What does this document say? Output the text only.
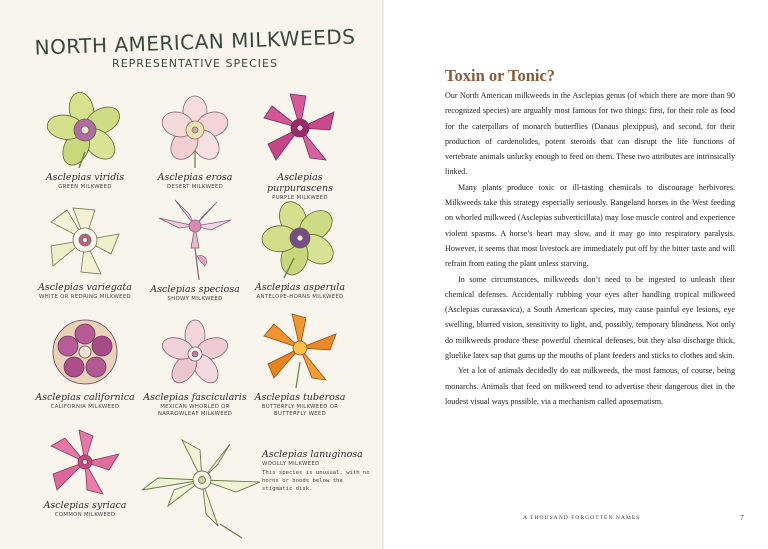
NORTH AMERICAN MILKWEEDS
REPRESENTATIVE SPECIES
Asclepias viridis
GREEN MILKWEED
Asclepias erosa
DESERT MILKWEED
Asclepias purpurascens
PURPLE MILKWEED
Asclepias variegata
WHITE OR REDRING MILKWEED
Asclepias speciosa
SHOWY MILKWEED
Asclepias asperula
ANTELOPE-HORNS MILKWEED
Asclepias californica
CALIFORNIA MILKWEED
Asclepias fascicularis
MEXICAN WHORLED OR NARROWLEAF MILKWEED
Asclepias tuberosa
BUTTERFLY MILKWEED OR BUTTERFLY WEED
Asclepias syriaca
COMMON MILKWEED
Asclepias lanuginosa
WOOLLY MILKWEED
This species is unusual, with no horns or hoods below the stigmatic disk.
Toxin or Tonic?

Our North American milkweeds in the Asclepias genus (of which there are more than 90 recognized species) are arguably most famous for two things: first, for their role as food for the caterpillars of monarch butterflies (Danaus plexippus), and second, for their production of cardenolides, potent steroids that can disrupt the life functions of vertebrate animals unlucky enough to feed on them. These two attributes are intrinsically linked.

Many plants produce toxic or ill-tasting chemicals to discourage herbivores. Milkweeds take this strategy especially seriously. Rangeland horses in the West feeding on whorled milkweed (Asclepias subverticillata) may lose muscle control and experience violent spasms. A horse’s heart may slow, and it may go into respiratory paralysis. However, it seems that most livestock are immediately put off by the bitter taste and will refrain from eating the plant unless starving.

In some circumstances, milkweeds don’t need to be ingested to unleash their chemical defenses. Accidentally rubbing your eyes after handling tropical milkweed (Asclepias curassavica), a South American species, may cause painful eye lesions, eye swelling, blurred vision, sensitivity to light, and, possibly, temporary blindness. Not only do milkweeds produce these powerful chemical defenses, but they also discharge thick, gluelike latex sap that gums up the mouths of plant feeders and sticks to clothes and skin.

Yet a lot of animals decidedly do eat milkweeds, the most famous, of course, being monarchs. Animals that feed on milkweed tend to advertise their dangerous diet in the loudest visual ways possible, via a mechanism called aposematism.

A THOUSAND FORGOTTEN NAMES	7
